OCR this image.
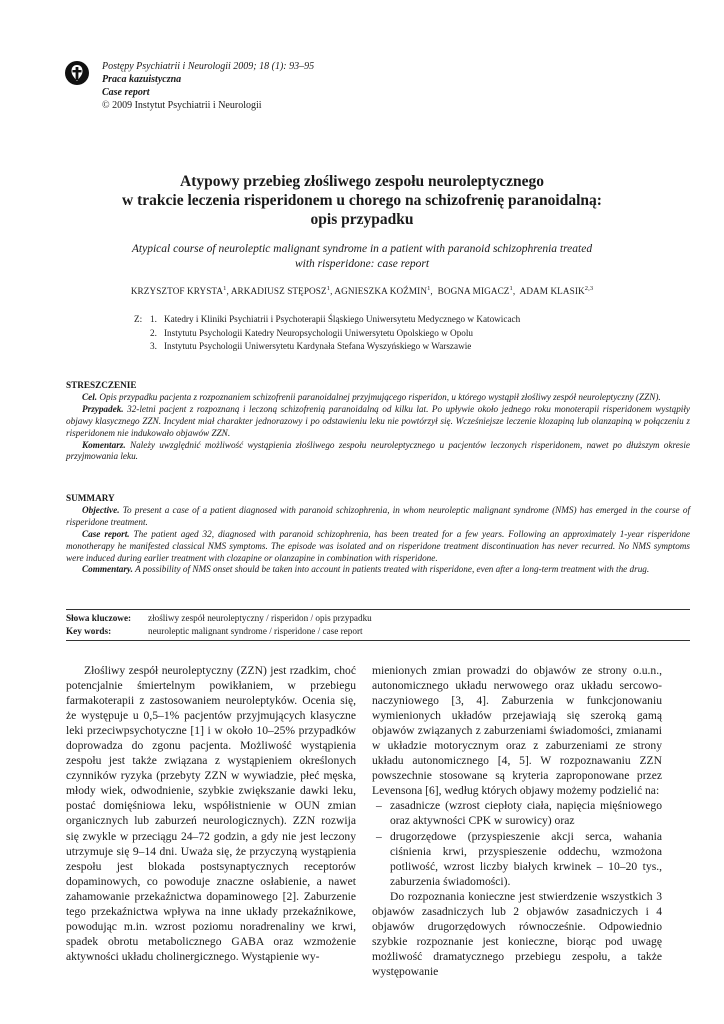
Postępy Psychiatrii i Neurologii 2009; 18 (1): 93–95
Praca kazuistyczna
Case report
© 2009 Instytut Psychiatrii i Neurologii
Atypowy przebieg złośliwego zespołu neuroleptycznego
w trakcie leczenia risperidonem u chorego na schizofrenię paranoidalną:
opis przypadku
Atypical course of neuroleptic malignant syndrome in a patient with paranoid schizophrenia treated
with risperidone: case report
KRZYSZTOF KRYSTA$^1$, ARKADIUSZ STĘPOSZ$^1$, AGNIESZKA KOŹMIN$^1$,  BOGNA MIGACZ$^1$,  ADAM KLASIK$^{2,3}$
Z: 1. Katedry i Kliniki Psychiatrii i Psychoterapii Śląskiego Uniwersytetu Medycznego w Katowicach
2. Instytutu Psychologii Katedry Neuropsychologii Uniwersytetu Opolskiego w Opolu
3. Instytutu Psychologii Uniwersytetu Kardynała Stefana Wyszyńskiego w Warszawie
STRESZCZENIE

Cel. Opis przypadku pacjenta z rozpoznaniem schizofrenii paranoidalnej przyjmującego risperidon, u którego wystąpił złośliwy zespół neuroleptyczny (ZZN).

Przypadek. 32-letni pacjent z rozpoznaną i leczoną schizofrenią paranoidalną od kilku lat. Po upływie około jednego roku monoterapii risperidonem wystąpiły objawy klasycznego ZZN. Incydent miał charakter jednorazowy i po odstawieniu leku nie powtórzył się. Wcześniejsze leczenie klozapiną lub olanzapiną w połączeniu z risperidonem nie indukowało objawów ZZN.

Komentarz. Należy uwzględnić możliwość wystąpienia złośliwego zespołu neuroleptycznego u pacjentów leczonych risperidonem, nawet po dłuższym okresie przyjmowania leku.

SUMMARY

Objective. To present a case of a patient diagnosed with paranoid schizophrenia, in whom neuroleptic malignant syndrome (NMS) has emerged in the course of risperidone treatment.

Case report. The patient aged 32, diagnosed with paranoid schizophrenia, has been treated for a few years. Following an approximately 1-year risperidone monotherapy he manifested classical NMS symptoms. The episode was isolated and on risperidone treatment discontinuation has never recurred. No NMS symptoms were induced during earlier treatment with clozapine or olanzapine in combination with risperidone.

Commentary. A possibility of NMS onset should be taken into account in patients treated with risperidone, even after a long-term treatment with the drug.

Słowa kluczowe: złośliwy zespół neuroleptyczny / risperidon / opis przypadku
Key words:	neuroleptic malignant syndrome / risperidone / case report

Złośliwy zespół neuroleptyczny (ZZN) jest rzadkim, choć potencjalnie śmiertelnym powikłaniem, w przebiegu farmakoterapii z zastosowaniem neuroleptyków. Ocenia się, że występuje u 0,5–1% pacjentów przyjmujących klasyczne leki przeciwpsychotyczne [1] i w około 10–25% przypadków doprowadza do zgonu pacjenta. Możliwość wystąpienia zespołu jest także związana z wystąpieniem określonych czynników ryzyka (przebyty ZZN w wywiadzie, płeć męska, młody wiek, odwodnienie, szybkie zwiększanie dawki leku, postać domięśniowa leku, współistnienie w OUN zmian organicznych lub zaburzeń neurologicznych). ZZN rozwija się zwykle w przeciągu 24–72 godzin, a gdy nie jest leczony utrzymuje się 9–14 dni. Uważa się, że przyczyną wystąpienia zespołu jest blokada postsynaptycznych receptorów dopaminowych, co powoduje znaczne osłabienie, a nawet zahamowanie przekaźnictwa dopaminowego [2]. Zaburzenie tego przekaźnictwa wpływa na inne układy przekaźnikowe, powodując m.in. wzrost poziomu noradrenaliny we krwi, spadek obrotu metabolicznego GABA oraz wzmożenie aktywności układu cholinergicznego. Wystąpienie wy-

mienionych zmian prowadzi do objawów ze strony o.u.n., autonomicznego układu nerwowego oraz układu sercowo-naczyniowego [3, 4]. Zaburzenia w funkcjonowaniu wymienionych układów przejawiają się szeroką gamą objawów związanych z zaburzeniami świadomości, zmianami w układzie motorycznym oraz z zaburzeniami ze strony układu autonomicznego [4, 5]. W rozpoznawaniu ZZN powszechnie stosowane są kryteria zaproponowane przez Levensona [6], według których objawy możemy podzielić na:

– zasadnicze (wzrost ciepłoty ciała, napięcia mięśniowego oraz aktywności CPK w surowicy) oraz
– drugorzędowe (przyspieszenie akcji serca, wahania ciśnienia krwi, przyspieszenie oddechu, wzmożona potliwość, wzrost liczby białych krwinek – 10–20 tys., zaburzenia świadomości).

Do rozpoznania konieczne jest stwierdzenie wszystkich 3 objawów zasadniczych lub 2 objawów zasadniczych i 4 objawów drugorzędowych równocześnie. Odpowiednio szybkie rozpoznanie jest konieczne, biorąc pod uwagę możliwość dramatycznego przebiegu zespołu, a także występowanie
